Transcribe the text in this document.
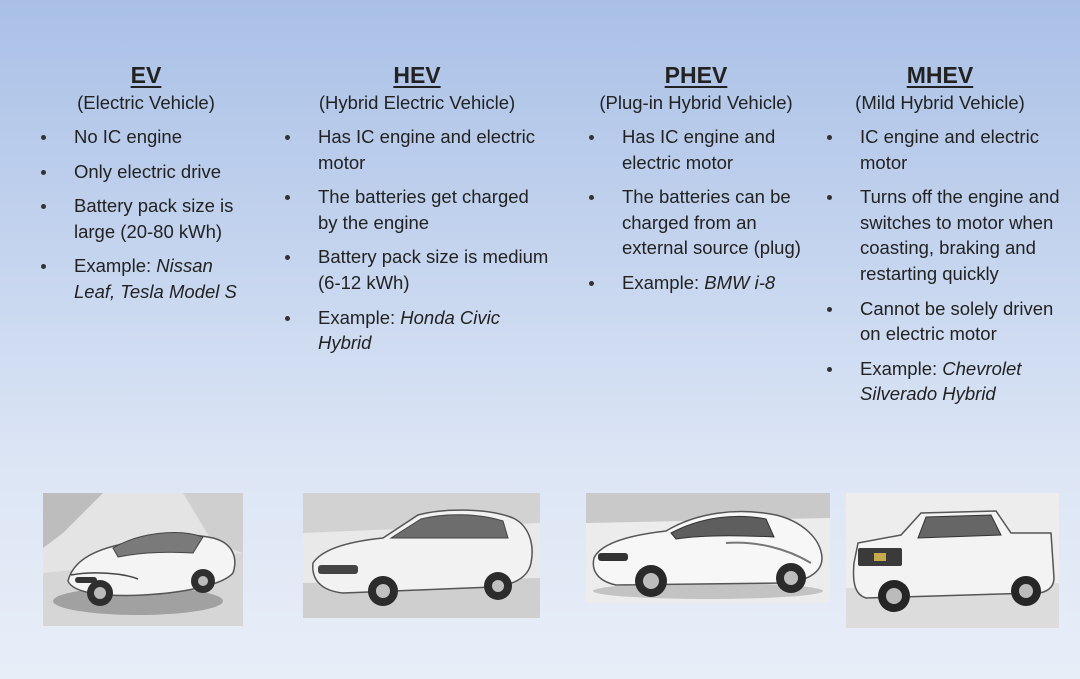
EV
(Electric Vehicle)
No IC engine
Only electric drive
Battery pack size is large (20-80 kWh)
Example: Nissan Leaf, Tesla Model S
HEV
(Hybrid Electric Vehicle)
Has IC engine and electric motor
The batteries get charged by the engine
Battery pack size is medium (6-12 kWh)
Example: Honda Civic Hybrid
PHEV
(Plug-in Hybrid Vehicle)
Has IC engine and electric motor
The batteries can be charged from an external source (plug)
Example: BMW i-8
MHEV
(Mild Hybrid Vehicle)
IC engine and electric motor
Turns off the engine and switches to motor when coasting, braking and restarting quickly
Cannot be solely driven on electric motor
Example: Chevrolet Silverado Hybrid
